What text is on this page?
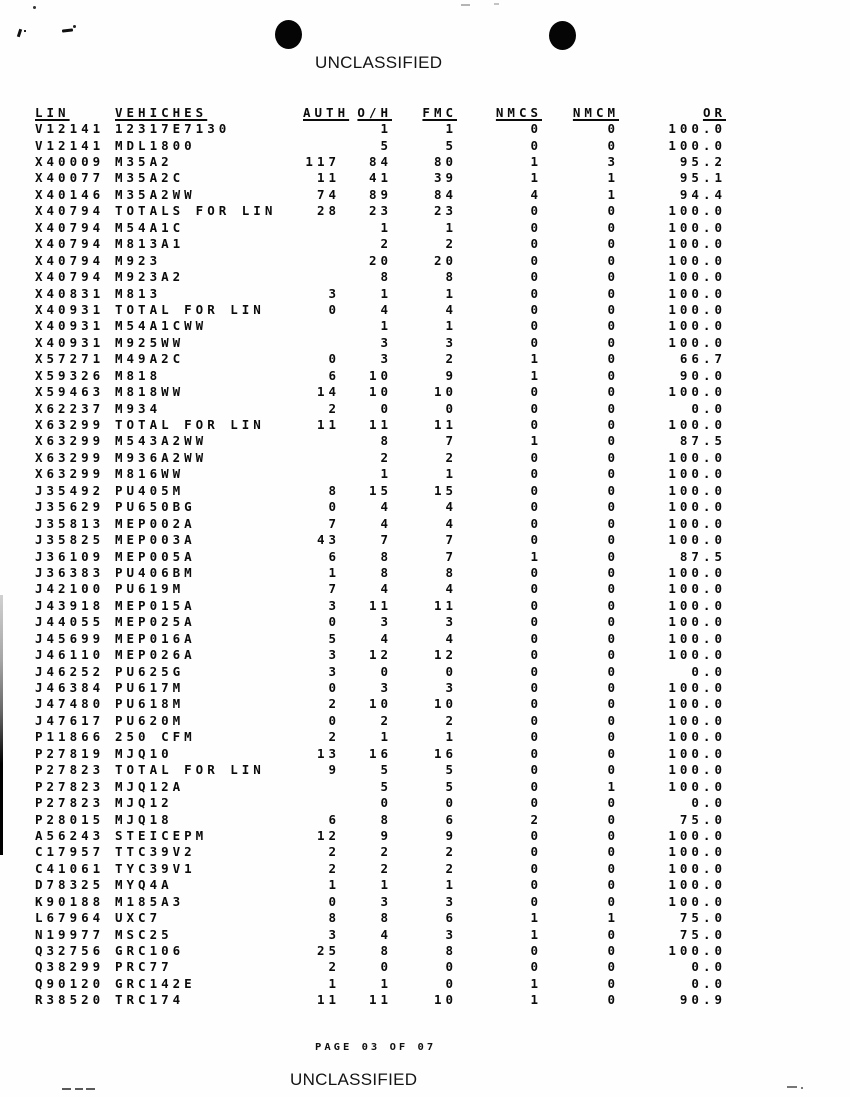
UNCLASSIFIED
LIN	VEHICHES	AUTH	O/H	FMC	NMCS	NMCM	OR
V12141	12317E7130		1	1	0	0	100.0
V12141	MDL1800		5	5	0	0	100.0
X40009	M35A2	117	84	80	1	3	95.2
X40077	M35A2C	11	41	39	1	1	95.1
X40146	M35A2WW	74	89	84	4	1	94.4
X40794	TOTALS FOR LIN	28	23	23	0	0	100.0
X40794	M54A1C		1	1	0	0	100.0
X40794	M813A1		2	2	0	0	100.0
X40794	M923		20	20	0	0	100.0
X40794	M923A2		8	8	0	0	100.0
X40831	M813	3	1	1	0	0	100.0
X40931	TOTAL FOR LIN	0	4	4	0	0	100.0
X40931	M54A1CWW		1	1	0	0	100.0
X40931	M925WW		3	3	0	0	100.0
X57271	M49A2C	0	3	2	1	0	66.7
X59326	M818	6	10	9	1	0	90.0
X59463	M818WW	14	10	10	0	0	100.0
X62237	M934	2	0	0	0	0	0.0
X63299	TOTAL FOR LIN	11	11	11	0	0	100.0
X63299	M543A2WW		8	7	1	0	87.5
X63299	M936A2WW		2	2	0	0	100.0
X63299	M816WW		1	1	0	0	100.0
J35492	PU405M	8	15	15	0	0	100.0
J35629	PU650BG	0	4	4	0	0	100.0
J35813	MEP002A	7	4	4	0	0	100.0
J35825	MEP003A	43	7	7	0	0	100.0
J36109	MEP005A	6	8	7	1	0	87.5
J36383	PU406BM	1	8	8	0	0	100.0
J42100	PU619M	7	4	4	0	0	100.0
J43918	MEP015A	3	11	11	0	0	100.0
J44055	MEP025A	0	3	3	0	0	100.0
J45699	MEP016A	5	4	4	0	0	100.0
J46110	MEP026A	3	12	12	0	0	100.0
J46252	PU625G	3	0	0	0	0	0.0
J46384	PU617M	0	3	3	0	0	100.0
J47480	PU618M	2	10	10	0	0	100.0
J47617	PU620M	0	2	2	0	0	100.0
P11866	250 CFM	2	1	1	0	0	100.0
P27819	MJQ10	13	16	16	0	0	100.0
P27823	TOTAL FOR LIN	9	5	5	0	0	100.0
P27823	MJQ12A		5	5	0	1	100.0
P27823	MJQ12		0	0	0	0	0.0
P28015	MJQ18	6	8	6	2	0	75.0
A56243	STEICEPM	12	9	9	0	0	100.0
C17957	TTC39V2	2	2	2	0	0	100.0
C41061	TYC39V1	2	2	2	0	0	100.0
D78325	MYQ4A	1	1	1	0	0	100.0
K90188	M185A3	0	3	3	0	0	100.0
L67964	UXC7	8	8	6	1	1	75.0
N19977	MSC25	3	4	3	1	0	75.0
Q32756	GRC106	25	8	8	0	0	100.0
Q38299	PRC77	2	0	0	0	0	0.0
Q90120	GRC142E	1	1	0	1	0	0.0
R38520	TRC174	11	11	10	1	0	90.9
PAGE 03 OF 07
UNCLASSIFIED
